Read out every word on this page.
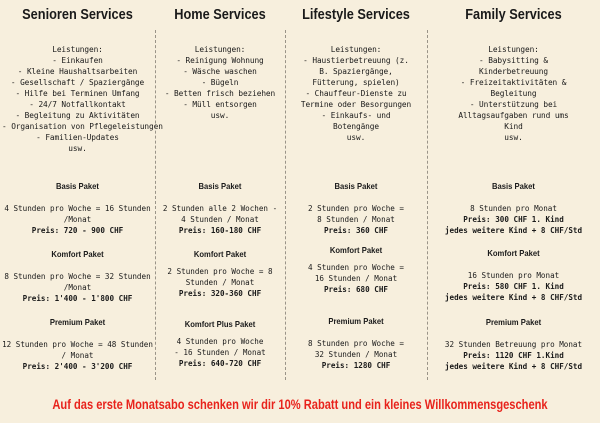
Senioren Services
Leistungen:
- Einkaufen
- Kleine Haushaltsarbeiten
- Gesellschaft / Spaziergänge
- Hilfe bei Terminen Umfang
- 24/7 Notfallkontakt
- Begleitung zu Aktivitäten
- Organisation von Pflegeleistungen
- Familien-Updates
usw.
Basis Paket
4 Stunden pro Woche = 16 Stunden
/Monat
Preis: 720 - 900 CHF
Komfort Paket
8 Stunden pro Woche = 32 Stunden
/Monat
Preis: 1'400 - 1'800 CHF
Premium Paket
12 Stunden pro Woche = 48 Stunden
/ Monat
Preis: 2'400 - 3'200 CHF
Home Services
Leistungen:
- Reinigung Wohnung
- Wäsche waschen
- Bügeln
- Betten frisch beziehen
- Müll entsorgen
usw.
Basis Paket
2 Stunden alle 2 Wochen -
4 Stunden / Monat
Preis: 160-180 CHF
Komfort Paket
2 Stunden pro Woche = 8
Stunden / Monat
Preis: 320-360 CHF
Komfort Plus Paket
4 Stunden pro Woche
- 16 Stunden / Monat
Preis: 640-720 CHF
Lifestyle Services
Leistungen:
- Haustierbetreuung (z.
B. Spaziergänge,
Fütterung, spielen)
- Chauffeur-Dienste zu
Termine oder Besorgungen
- Einkaufs- und
Botengänge
usw.
Basis Paket
2 Stunden pro Woche =
8 Stunden / Monat
Preis: 360 CHF
Komfort Paket
4 Stunden pro Woche =
16 Stunden / Monat
Preis: 680 CHF
Premium Paket
8 Stunden pro Woche =
32 Stunden / Monat
Preis: 1280 CHF
Family Services
Leistungen:
- Babysitting &
Kinderbetreuung
- Freizeitaktivitäten &
Begleitung
- Unterstützung bei
Alltagsaufgaben rund ums
Kind
usw.
Basis Paket
8 Stunden pro Monat
Preis: 300 CHF 1. Kind
jedes weitere Kind + 8 CHF/Std
Komfort Paket
16 Stunden pro Monat
Preis: 580 CHF 1. Kind
jedes weitere Kind + 8 CHF/Std
Premium Paket
32 Stunden Betreuung pro Monat
Preis: 1120 CHF 1.Kind
jedes weitere Kind + 8 CHF/Std
Auf das erste Monatsabo schenken wir dir 10% Rabatt und ein kleines Willkommensgeschenk
